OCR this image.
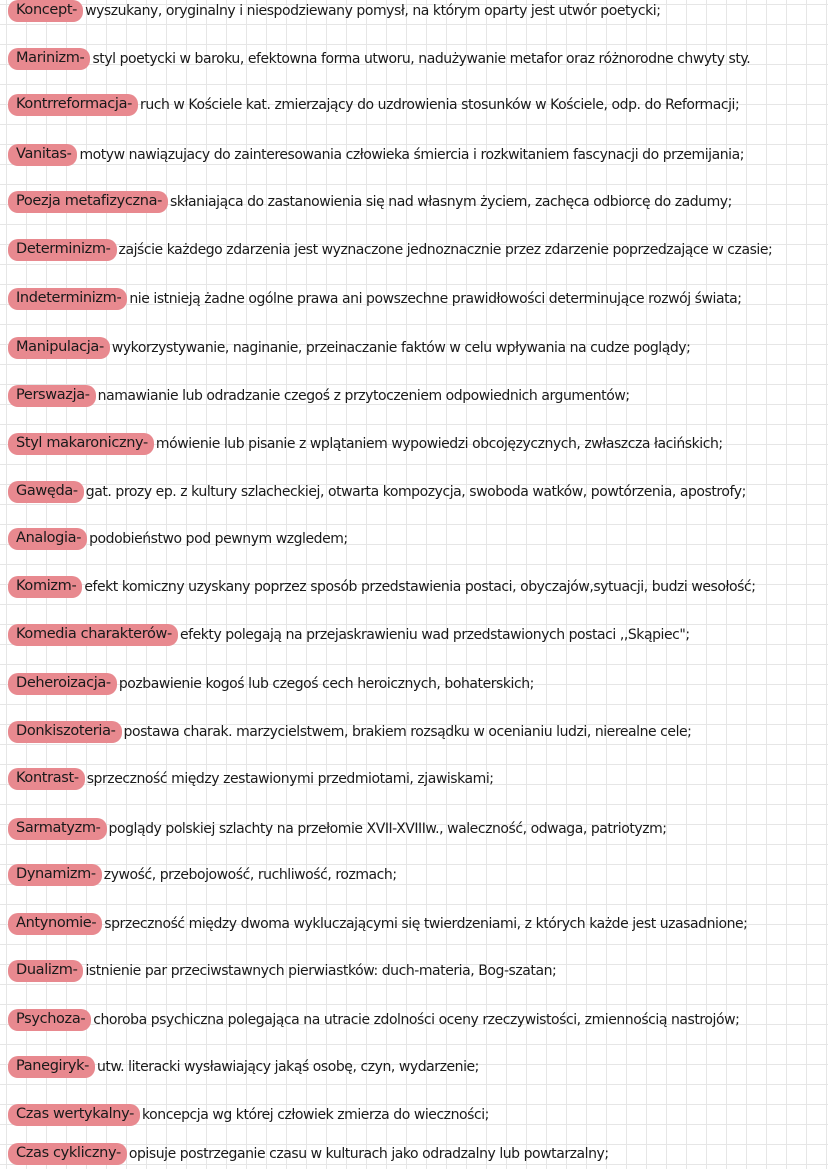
Koncept- wyszukany, oryginalny i niespodziewany pomysł, na którym oparty jest utwór poetycki;
Marinizm- styl poetycki w baroku, efektowna forma utworu, nadużywanie metafor oraz różnorodne chwyty sty.
Kontrreformacja- ruch w Kościele kat. zmierzający do uzdrowienia stosunków w Kościele, odp. do Reformacji;
Vanitas- motyw nawiązujacy do zainteresowania człowieka śmiercia i rozkwitaniem fascynacji do przemijania;
Poezja metafizyczna- skłaniająca do zastanowienia się nad własnym życiem, zachęca odbiorcę do zadumy;
Determinizm- zajście każdego zdarzenia jest wyznaczone jednoznacznie przez zdarzenie poprzedzające w czasie;
Indeterminizm- nie istnieją żadne ogólne prawa ani powszechne prawidłowości determinujące rozwój świata;
Manipulacja- wykorzystywanie, naginanie, przeinaczanie faktów w celu wpływania na cudze poglądy;
Perswazja- namawianie lub odradzanie czegoś z przytoczeniem odpowiednich argumentów;
Styl makaroniczny- mówienie lub pisanie z wplątaniem wypowiedzi obcojęzycznych, zwłaszcza łacińskich;
Gawęda- gat. prozy ep. z kultury szlacheckiej, otwarta kompozycja, swoboda watków, powtórzenia, apostrofy;
Analogia- podobieństwo pod pewnym wzgledem;
Komizm- efekt komiczny uzyskany poprzez sposób przedstawienia postaci, obyczajów,sytuacji, budzi wesołość;
Komedia charakterów- efekty polegają na przejaskrawieniu wad przedstawionych postaci ,,Skąpiec";
Deheroizacja- pozbawienie kogoś lub czegoś cech heroicznych, bohaterskich;
Donkiszoteria- postawa charak. marzycielstwem, brakiem rozsądku w ocenianiu ludzi, nierealne cele;
Kontrast- sprzeczność między zestawionymi przedmiotami, zjawiskami;
Sarmatyzm- poglądy polskiej szlachty na przełomie XVII-XVIIIw., waleczność, odwaga, patriotyzm;
Dynamizm- zywość, przebojowość, ruchliwość, rozmach;
Antynomie- sprzeczność między dwoma wykluczającymi się twierdzeniami, z których każde jest uzasadnione;
Dualizm- istnienie par przeciwstawnych pierwiastków: duch-materia, Bog-szatan;
Psychoza- choroba psychiczna polegająca na utracie zdolności oceny rzeczywistości, zmiennością nastrojów;
Panegiryk- utw. literacki wysławiający jakąś osobę, czyn, wydarzenie;
Czas wertykalny- koncepcja wg której człowiek zmierza do wieczności;
Czas cykliczny- opisuje postrzeganie czasu w kulturach jako odradzalny lub powtarzalny;
